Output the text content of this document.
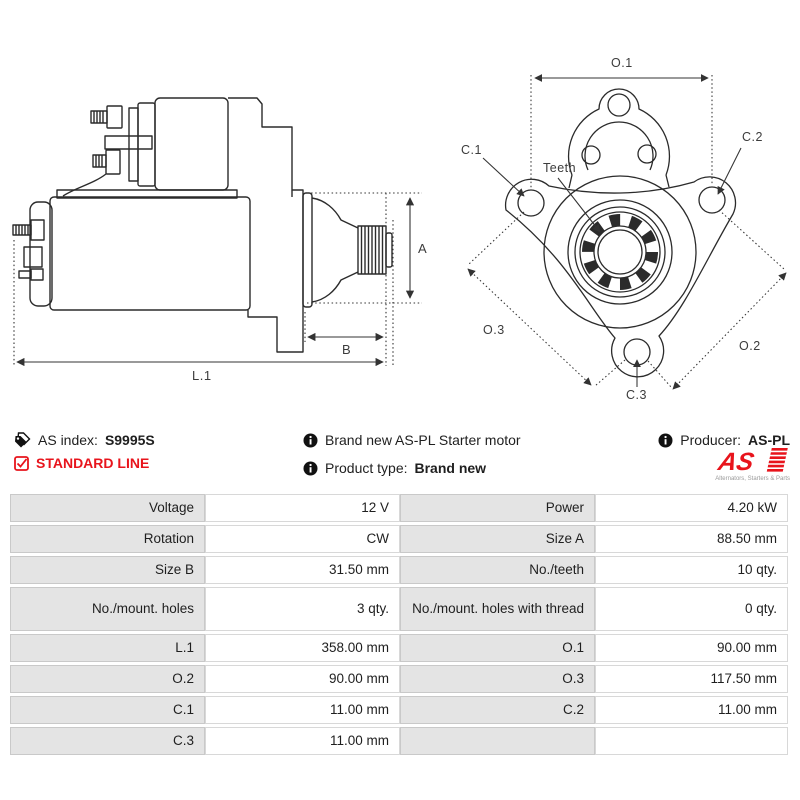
A
B
L.1
O.1
C.1
C.2
Teeth
O.3
O.2
C.3
AS index: S9995S
STANDARD LINE
Brand new AS-PL Starter motor
Product type: Brand new
Producer: AS-PL
AS
Alternators, Starters & Parts
Voltage	12 V	Power	4.20 kW
Rotation	CW	Size A	88.50 mm
Size B	31.50 mm	No./teeth	10 qty.
No./mount. holes	3 qty.	No./mount. holes with thread	0 qty.
L.1	358.00 mm	O.1	90.00 mm
O.2	90.00 mm	O.3	117.50 mm
C.1	11.00 mm	C.2	11.00 mm
C.3	11.00 mm
